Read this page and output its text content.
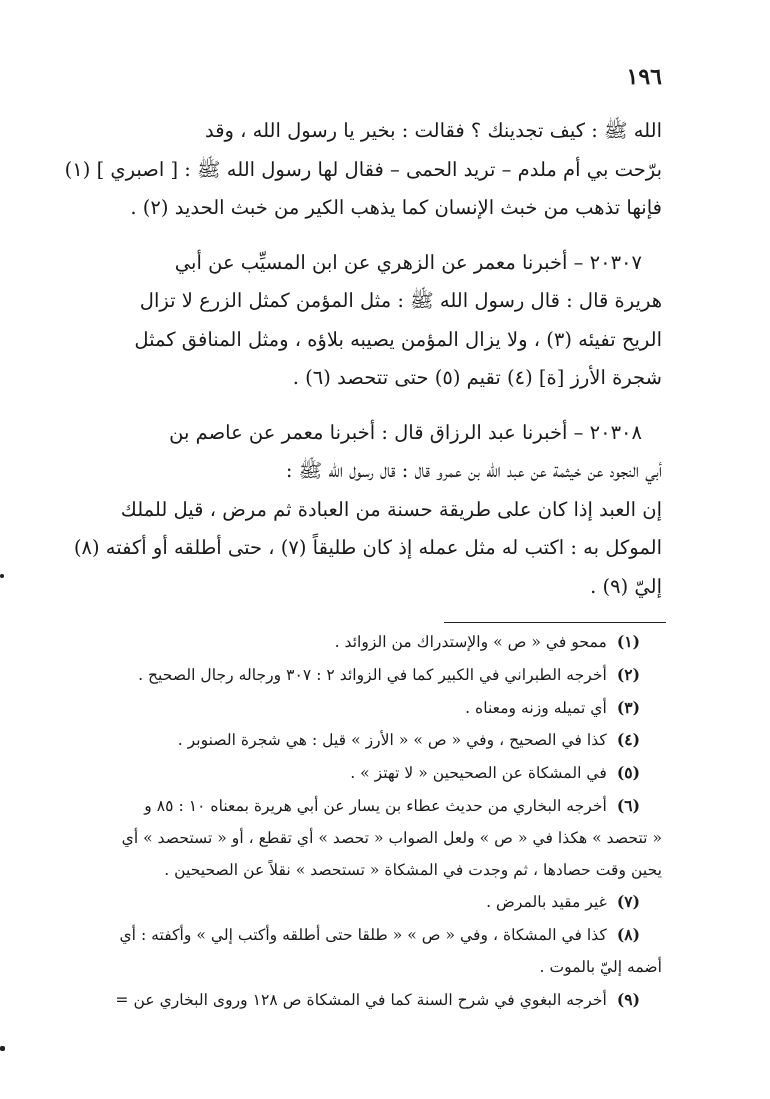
١٩٦
الله ﷺ : كيف تجدينك ؟ فقالت : بخير يا رسول الله ، وقد
برّحت بي أم ملدم – تريد الحمى – فقال لها رسول الله ﷺ : [ اصبري ] (١)
فإنها تذهب من خبث الإنسان كما يذهب الكير من خبث الحديد (٢) .
٢٠٣٠٧ – أخبرنا معمر عن الزهري عن ابن المسيِّب عن أبي
هريرة قال : قال رسول الله ﷺ : مثل المؤمن كمثل الزرع لا تزال
الريح تفيئه (٣) ، ولا يزال المؤمن يصيبه بلاؤه ، ومثل المنافق كمثل
شجرة الأرز [ة] (٤) تقيم (٥) حتى تتحصد (٦) .
٢٠٣٠٨ – أخبرنا عبد الرزاق قال : أخبرنا معمر عن عاصم بن
أبي النجود عن خيثمة عن عبد الله بن عمرو قال : قال رسول الله ﷺ :
إن العبد إذا كان على طريقة حسنة من العبادة ثم مرض ، قيل للملك
الموكل به : اكتب له مثل عمله إذ كان طليقاً (٧) ، حتى أطلقه أو أكفته (٨)
إليّ (٩) .
(١)ممحو في « ص » والإستدراك من الزوائد .
(٢)أخرجه الطبراني في الكبير كما في الزوائد ٢ : ٣٠٧ ورجاله رجال الصحيح .
(٣)أي تميله وزنه ومعناه .
(٤)كذا في الصحيح ، وفي « ص » « الأرز » قيل : هي شجرة الصنوبر .
(٥)في المشكاة عن الصحيحين « لا تهتز » .
(٦)أخرجه البخاري من حديث عطاء بن يسار عن أبي هريرة بمعناه ١٠ : ٨٥ و
« تتحصد » هكذا في « ص » ولعل الصواب « تحصد » أي تقطع ، أو « تستحصد » أي
يحين وقت حصادها ، ثم وجدت في المشكاة « تستحصد » نقلاً عن الصحيحين .
(٧)غير مقيد بالمرض .
(٨)كذا في المشكاة ، وفي « ص » « طلقا حتى أطلقه وأكتب إلي » وأكفته : أي
أضمه إليّ بالموت .
(٩)أخرجه البغوي في شرح السنة كما في المشكاة ص ١٢٨ وروى البخاري عن =
